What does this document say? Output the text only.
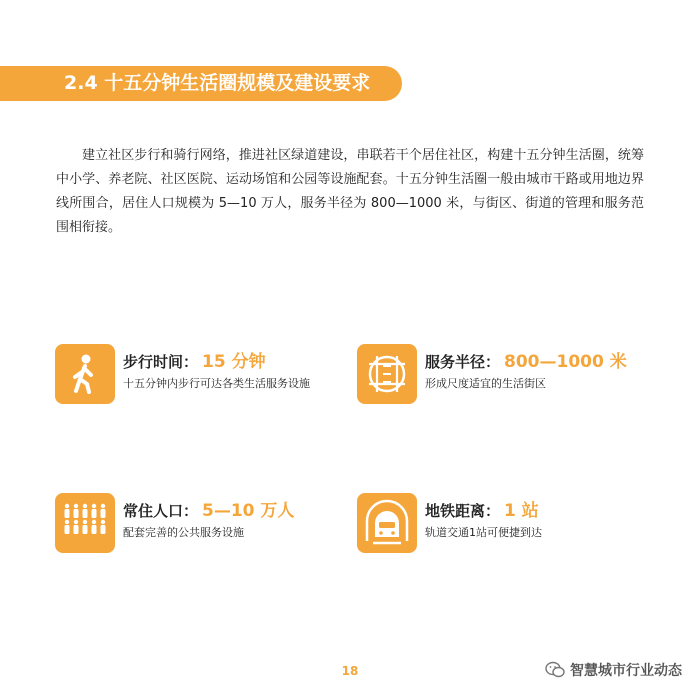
2.4 十五分钟生活圈规模及建设要求

建立社区步行和骑行网络，推进社区绿道建设，串联若干个居住社区，构建十五分钟生活圈，统筹中小学、养老院、社区医院、运动场馆和公园等设施配套。十五分钟生活圈一般由城市干路或用地边界线所围合，居住人口规模为 5—10 万人，服务半径为 800—1000 米，与街区、街道的管理和服务范围相衔接。

步行时间： 15 分钟
十五分钟内步行可达各类生活服务设施
服务半径： 800—1000 米
形成尺度适宜的生活街区
常住人口： 5—10 万人
配套完善的公共服务设施
地铁距离： 1 站
轨道交通1站可便捷到达
18	智慧城市行业动态
